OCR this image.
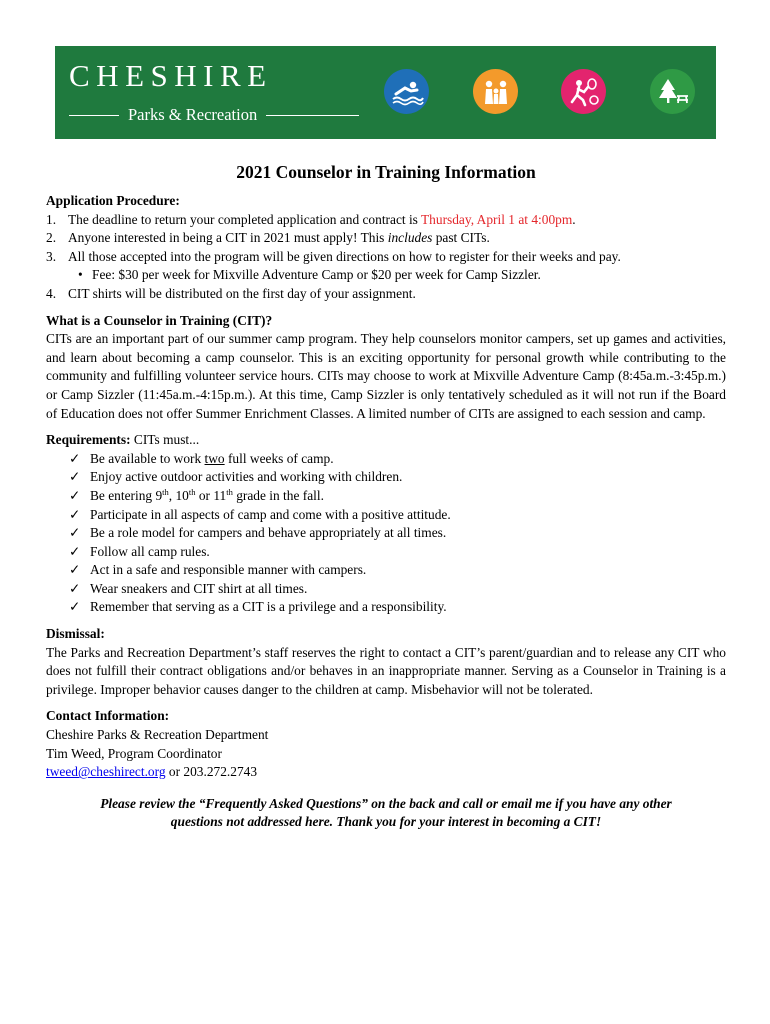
CHESHIRE
Parks & Recreation
2021 Counselor in Training Information
Application Procedure:
1. The deadline to return your completed application and contract is Thursday, April 1 at 4:00pm.
2. Anyone interested in being a CIT in 2021 must apply! This includes past CITs.
3. All those accepted into the program will be given directions on how to register for their weeks and pay.
• Fee: $30 per week for Mixville Adventure Camp or $20 per week for Camp Sizzler.
4. CIT shirts will be distributed on the first day of your assignment.
What is a Counselor in Training (CIT)?

CITs are an important part of our summer camp program. They help counselors monitor campers, set up games and activities, and learn about becoming a camp counselor. This is an exciting opportunity for personal growth while contributing to the community and fulfilling volunteer service hours. CITs may choose to work at Mixville Adventure Camp (8:45a.m.-3:45p.m.) or Camp Sizzler (11:45a.m.-4:15p.m.). At this time, Camp Sizzler is only tentatively scheduled as it will not run if the Board of Education does not offer Summer Enrichment Classes. A limited number of CITs are assigned to each session and camp.

Requirements: CITs must...
✓ Be available to work two full weeks of camp.
✓ Enjoy active outdoor activities and working with children.
✓ Be entering 9th, 10th or 11th grade in the fall.
✓ Participate in all aspects of camp and come with a positive attitude.
✓ Be a role model for campers and behave appropriately at all times.
✓ Follow all camp rules.
✓ Act in a safe and responsible manner with campers.
✓ Wear sneakers and CIT shirt at all times.
✓ Remember that serving as a CIT is a privilege and a responsibility.
Dismissal:

The Parks and Recreation Department’s staff reserves the right to contact a CIT’s parent/guardian and to release any CIT who does not fulfill their contract obligations and/or behaves in an inappropriate manner. Serving as a Counselor in Training is a privilege. Improper behavior causes danger to the children at camp. Misbehavior will not be tolerated.

Contact Information:
Cheshire Parks & Recreation Department
Tim Weed, Program Coordinator
tweed@cheshirect.org or 203.272.2743

Please review the “Frequently Asked Questions” on the back and call or email me if you have any other
questions not addressed here. Thank you for your interest in becoming a CIT!
